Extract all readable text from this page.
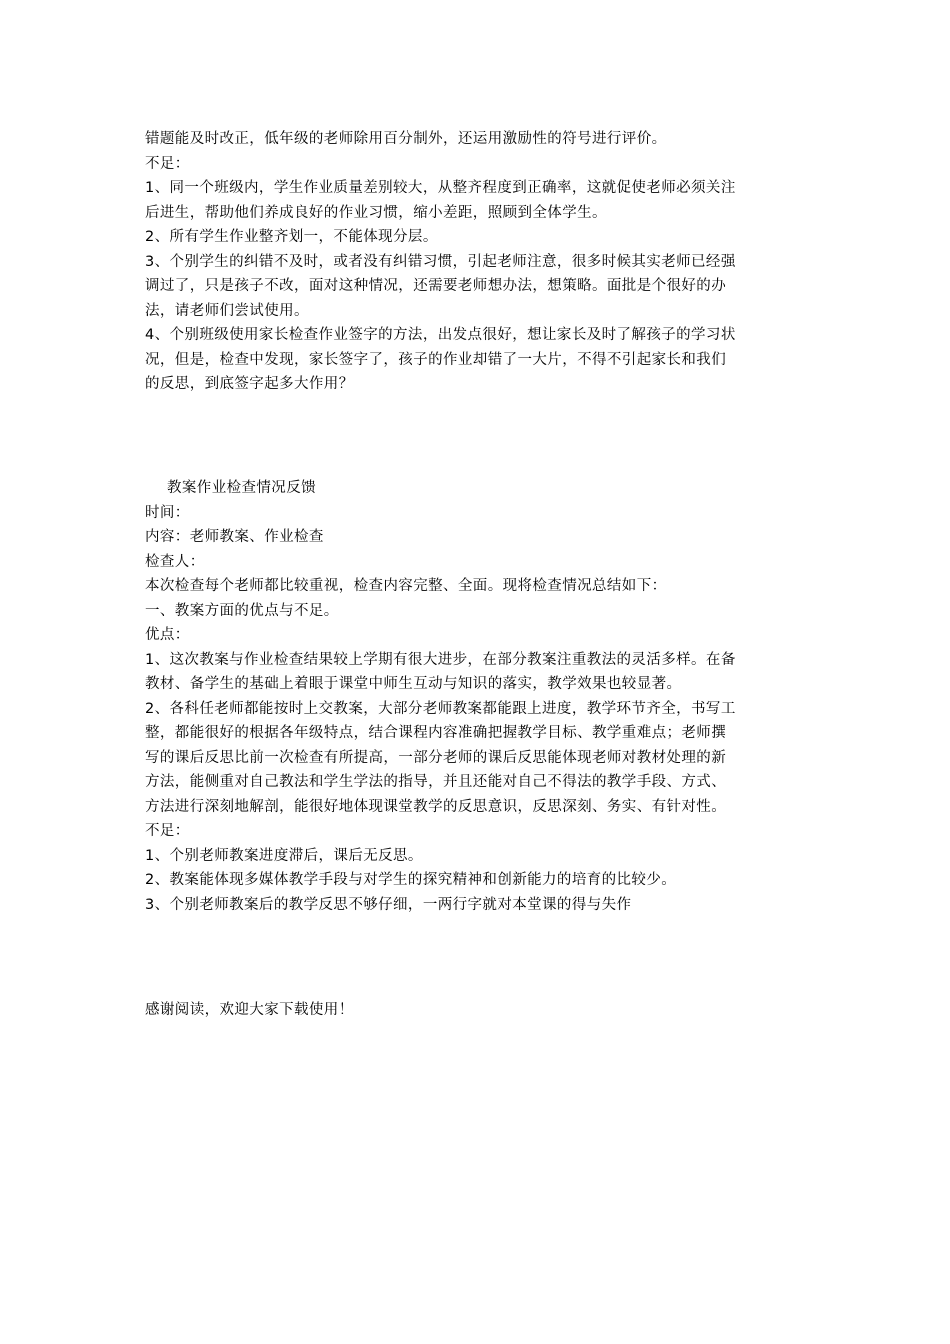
错题能及时改正，低年级的老师除用百分制外，还运用激励性的符号进行评价。
不足：
1、同一个班级内，学生作业质量差别较大，从整齐程度到正确率，这就促使老师必须关注
后进生，帮助他们养成良好的作业习惯，缩小差距，照顾到全体学生。
2、所有学生作业整齐划一，不能体现分层。
3、个别学生的纠错不及时，或者没有纠错习惯，引起老师注意，很多时候其实老师已经强
调过了，只是孩子不改，面对这种情况，还需要老师想办法，想策略。面批是个很好的办
法，请老师们尝试使用。
4、个别班级使用家长检查作业签字的方法，出发点很好，想让家长及时了解孩子的学习状
况，但是，检查中发现，家长签字了，孩子的作业却错了一大片，不得不引起家长和我们
的反思，到底签字起多大作用？
教案作业检查情况反馈
时间：
内容：老师教案、作业检查
检查人：
本次检查每个老师都比较重视，检查内容完整、全面。现将检查情况总结如下：
一、教案方面的优点与不足。
优点：
1、这次教案与作业检查结果较上学期有很大进步，在部分教案注重教法的灵活多样。在备
教材、备学生的基础上着眼于课堂中师生互动与知识的落实，教学效果也较显著。
2、各科任老师都能按时上交教案，大部分老师教案都能跟上进度，教学环节齐全，书写工
整，都能很好的根据各年级特点，结合课程内容准确把握教学目标、教学重难点；老师撰
写的课后反思比前一次检查有所提高，一部分老师的课后反思能体现老师对教材处理的新
方法，能侧重对自己教法和学生学法的指导，并且还能对自己不得法的教学手段、方式、
方法进行深刻地解剖，能很好地体现课堂教学的反思意识，反思深刻、务实、有针对性。
不足：
1、个别老师教案进度滞后，课后无反思。
2、教案能体现多媒体教学手段与对学生的探究精神和创新能力的培育的比较少。
3、个别老师教案后的教学反思不够仔细，一两行字就对本堂课的得与失作
感谢阅读，欢迎大家下载使用！
